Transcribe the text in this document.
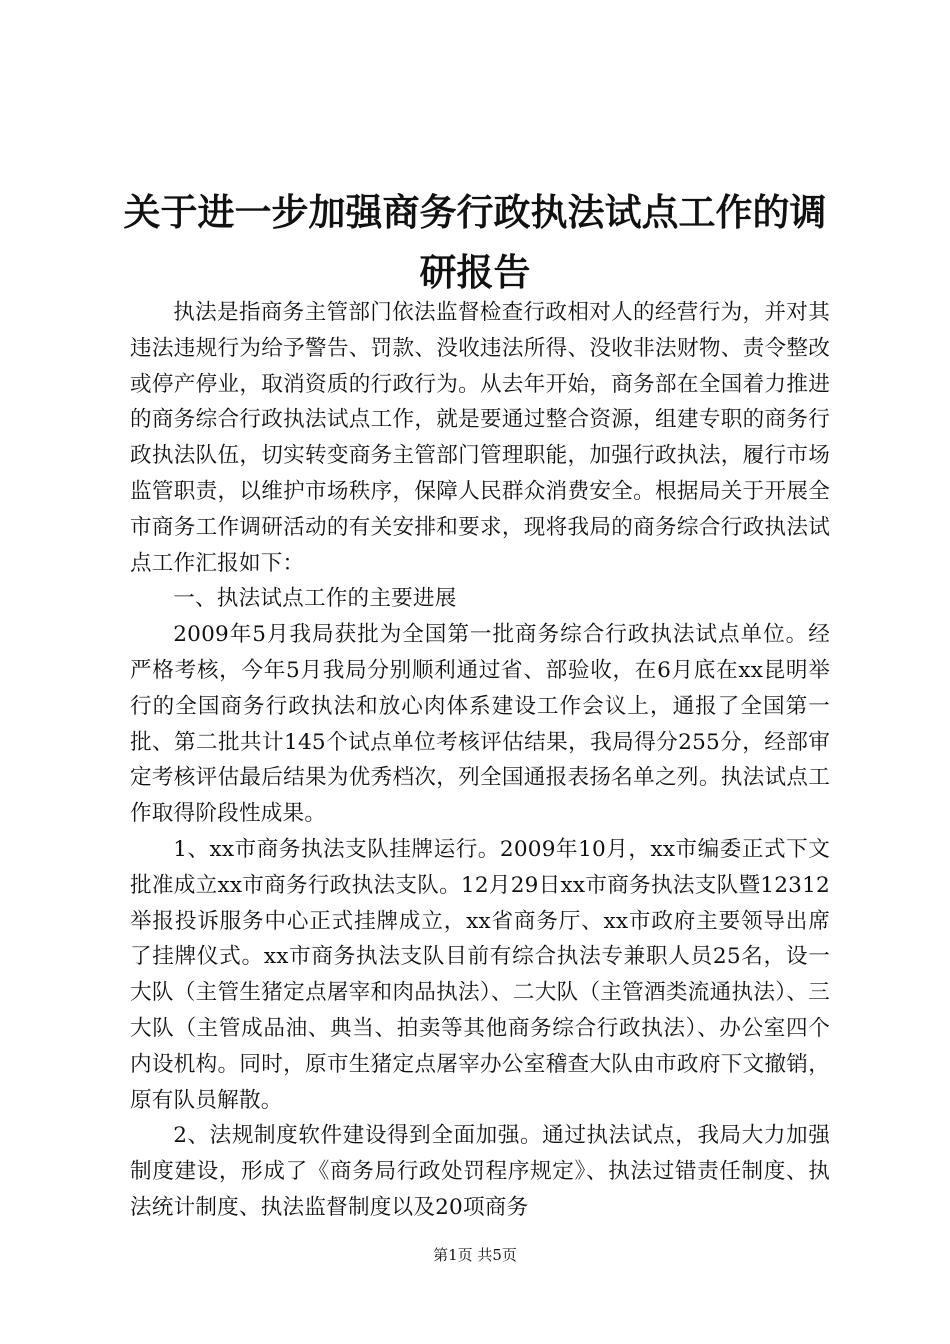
关于进一步加强商务行政执法试点工作的调研报告

执法是指商务主管部门依法监督检查行政相对人的经营行为，并对其违法违规行为给予警告、罚款、没收违法所得、没收非法财物、责令整改或停产停业，取消资质的行政行为。从去年开始，商务部在全国着力推进的商务综合行政执法试点工作，就是要通过整合资源，组建专职的商务行政执法队伍，切实转变商务主管部门管理职能，加强行政执法，履行市场监管职责，以维护市场秩序，保障人民群众消费安全。根据局关于开展全市商务工作调研活动的有关安排和要求，现将我局的商务综合行政执法试点工作汇报如下：

一、执法试点工作的主要进展

2009年5月我局获批为全国第一批商务综合行政执法试点单位。经严格考核，今年5月我局分别顺利通过省、部验收，在6月底在xx昆明举行的全国商务行政执法和放心肉体系建设工作会议上，通报了全国第一批、第二批共计145个试点单位考核评估结果，我局得分255分，经部审定考核评估最后结果为优秀档次，列全国通报表扬名单之列。执法试点工作取得阶段性成果。

1、xx市商务执法支队挂牌运行。2009年10月，xx市编委正式下文批准成立xx市商务行政执法支队。12月29日xx市商务执法支队暨12312举报投诉服务中心正式挂牌成立，xx省商务厅、xx市政府主要领导出席了挂牌仪式。xx市商务执法支队目前有综合执法专兼职人员25名，设一大队（主管生猪定点屠宰和肉品执法）、二大队（主管酒类流通执法）、三大队（主管成品油、典当、拍卖等其他商务综合行政执法）、办公室四个内设机构。同时，原市生猪定点屠宰办公室稽查大队由市政府下文撤销，原有队员解散。

2、法规制度软件建设得到全面加强。通过执法试点，我局大力加强制度建设，形成了《商务局行政处罚程序规定》、执法过错责任制度、执法统计制度、执法监督制度以及20项商务

第1页 共5页
